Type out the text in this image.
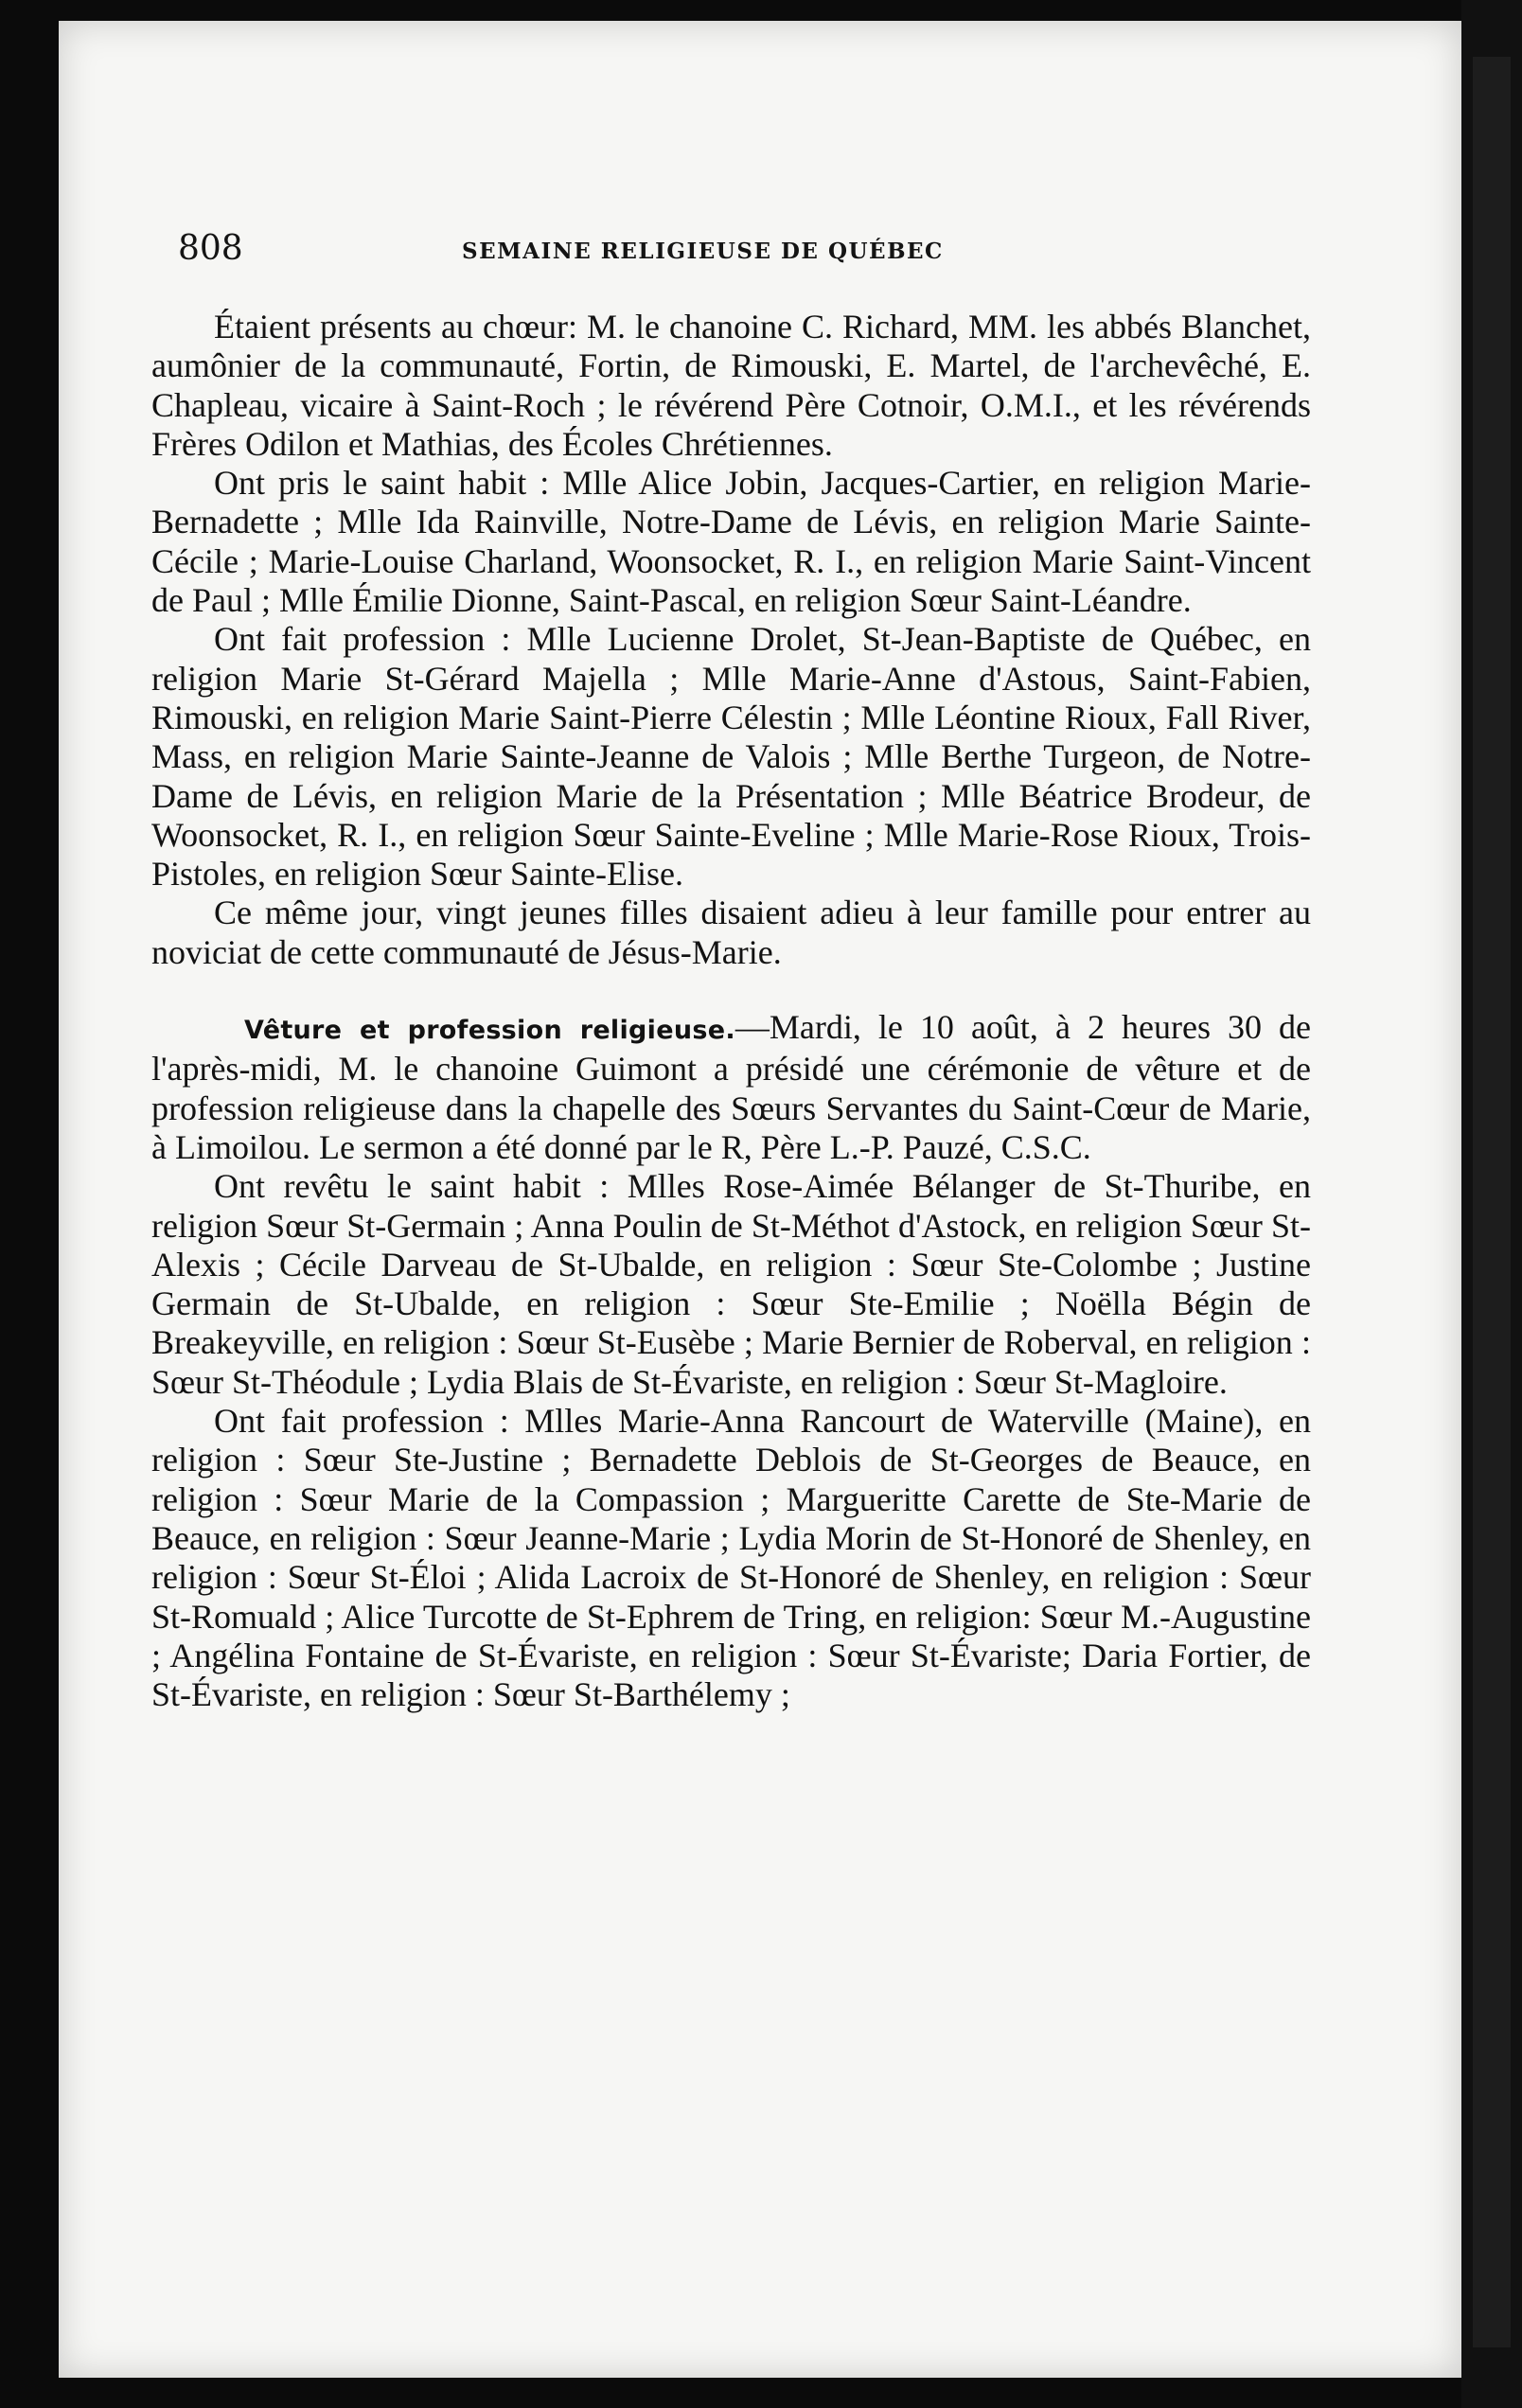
808	SEMAINE RELIGIEUSE DE QUÉBEC

Étaient présents au chœur: M. le chanoine C. Richard, MM. les abbés Blanchet, aumônier de la communauté, Fortin, de Rimouski, E. Martel, de l'archevêché, E. Chapleau, vicaire à Saint-Roch ; le révérend Père Cotnoir, O.M.I., et les révérends Frères Odilon et Mathias, des Écoles Chrétiennes.

Ont pris le saint habit : Mlle Alice Jobin, Jacques-Cartier, en religion Marie-Bernadette ; Mlle Ida Rainville, Notre-Dame de Lévis, en religion Marie Sainte-Cécile ; Marie-Louise Charland, Woonsocket, R. I., en religion Marie Saint-Vincent de Paul ; Mlle Émilie Dionne, Saint-Pascal, en religion Sœur Saint-Léandre.

Ont fait profession : Mlle Lucienne Drolet, St-Jean-Baptiste de Québec, en religion Marie St-Gérard Majella ; Mlle Marie-Anne d'Astous, Saint-Fabien, Rimouski, en religion Marie Saint-Pierre Célestin ; Mlle Léontine Rioux, Fall River, Mass, en religion Marie Sainte-Jeanne de Valois ; Mlle Berthe Turgeon, de Notre-Dame de Lévis, en religion Marie de la Présentation ; Mlle Béatrice Brodeur, de Woonsocket, R. I., en religion Sœur Sainte-Eveline ; Mlle Marie-Rose Rioux, Trois-Pistoles, en religion Sœur Sainte-Elise.

Ce même jour, vingt jeunes filles disaient adieu à leur famille pour entrer au noviciat de cette communauté de Jésus-Marie.

Vêture et profession religieuse.—Mardi, le 10 août, à 2 heures 30 de l'après-midi, M. le chanoine Guimont a présidé une cérémonie de vêture et de profession religieuse dans la chapelle des Sœurs Servantes du Saint-Cœur de Marie, à Limoilou. Le sermon a été donné par le R, Père L.-P. Pauzé, C.S.C.

Ont revêtu le saint habit : Mlles Rose-Aimée Bélanger de St-Thuribe, en religion Sœur St-Germain ; Anna Poulin de St-Méthot d'Astock, en religion Sœur St-Alexis ; Cécile Darveau de St-Ubalde, en religion : Sœur Ste-Colombe ; Justine Germain de St-Ubalde, en religion : Sœur Ste-Emilie ; Noëlla Bégin de Breakeyville, en religion : Sœur St-Eusèbe ; Marie Bernier de Roberval, en religion : Sœur St-Théodule ; Lydia Blais de St-Évariste, en religion : Sœur St-Magloire.

Ont fait profession : Mlles Marie-Anna Rancourt de Waterville (Maine), en religion : Sœur Ste-Justine ; Bernadette Deblois de St-Georges de Beauce, en religion : Sœur Marie de la Compassion ; Margueritte Carette de Ste-Marie de Beauce, en religion : Sœur Jeanne-Marie ; Lydia Morin de St-Honoré de Shenley, en religion : Sœur St-Éloi ; Alida Lacroix de St-Honoré de Shenley, en religion : Sœur St-Romuald ; Alice Turcotte de St-Ephrem de Tring, en religion: Sœur M.-Augustine ; Angélina Fontaine de St-Évariste, en religion : Sœur St-Évariste; Daria Fortier, de St-Évariste, en religion : Sœur St-Barthélemy ;
